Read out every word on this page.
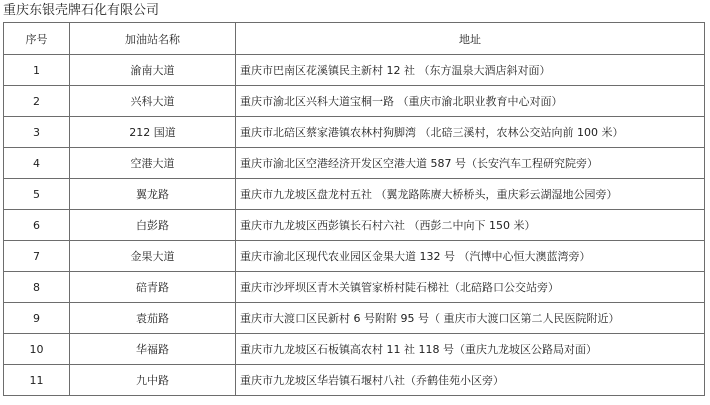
重庆东银壳牌石化有限公司
序号	加油站名称	地址
1	渝南大道	重庆市巴南区花溪镇民主新村 12 社 （东方温泉大酒店斜对面）
2	兴科大道	重庆市渝北区兴科大道宝桐一路 （重庆市渝北职业教育中心对面）
3	212 国道	重庆市北碚区蔡家港镇农林村狗脚湾 （北碚三溪村，农林公交站向前 100 米）
4	空港大道	重庆市渝北区空港经济开发区空港大道 587 号（长安汽车工程研究院旁）
5	翼龙路	重庆市九龙坡区盘龙村五社 （翼龙路陈赓大桥桥头，重庆彩云湖湿地公园旁）
6	白彭路	重庆市九龙坡区西彭镇长石村六社 （西彭二中向下 150 米）
7	金果大道	重庆市渝北区现代农业园区金果大道 132 号 （汽博中心恒大澳蓝湾旁）
8	碚青路	重庆市沙坪坝区青木关镇管家桥村陡石梯社（北碚路口公交站旁）
9	袁茄路	重庆市大渡口区民新村 6 号附附 95 号（ 重庆市大渡口区第二人民医院附近）
10	华福路	重庆市九龙坡区石板镇高农村 11 社 118 号（重庆九龙坡区公路局对面）
11	九中路	重庆市九龙坡区华岩镇石堰村八社（乔鹤佳苑小区旁）
